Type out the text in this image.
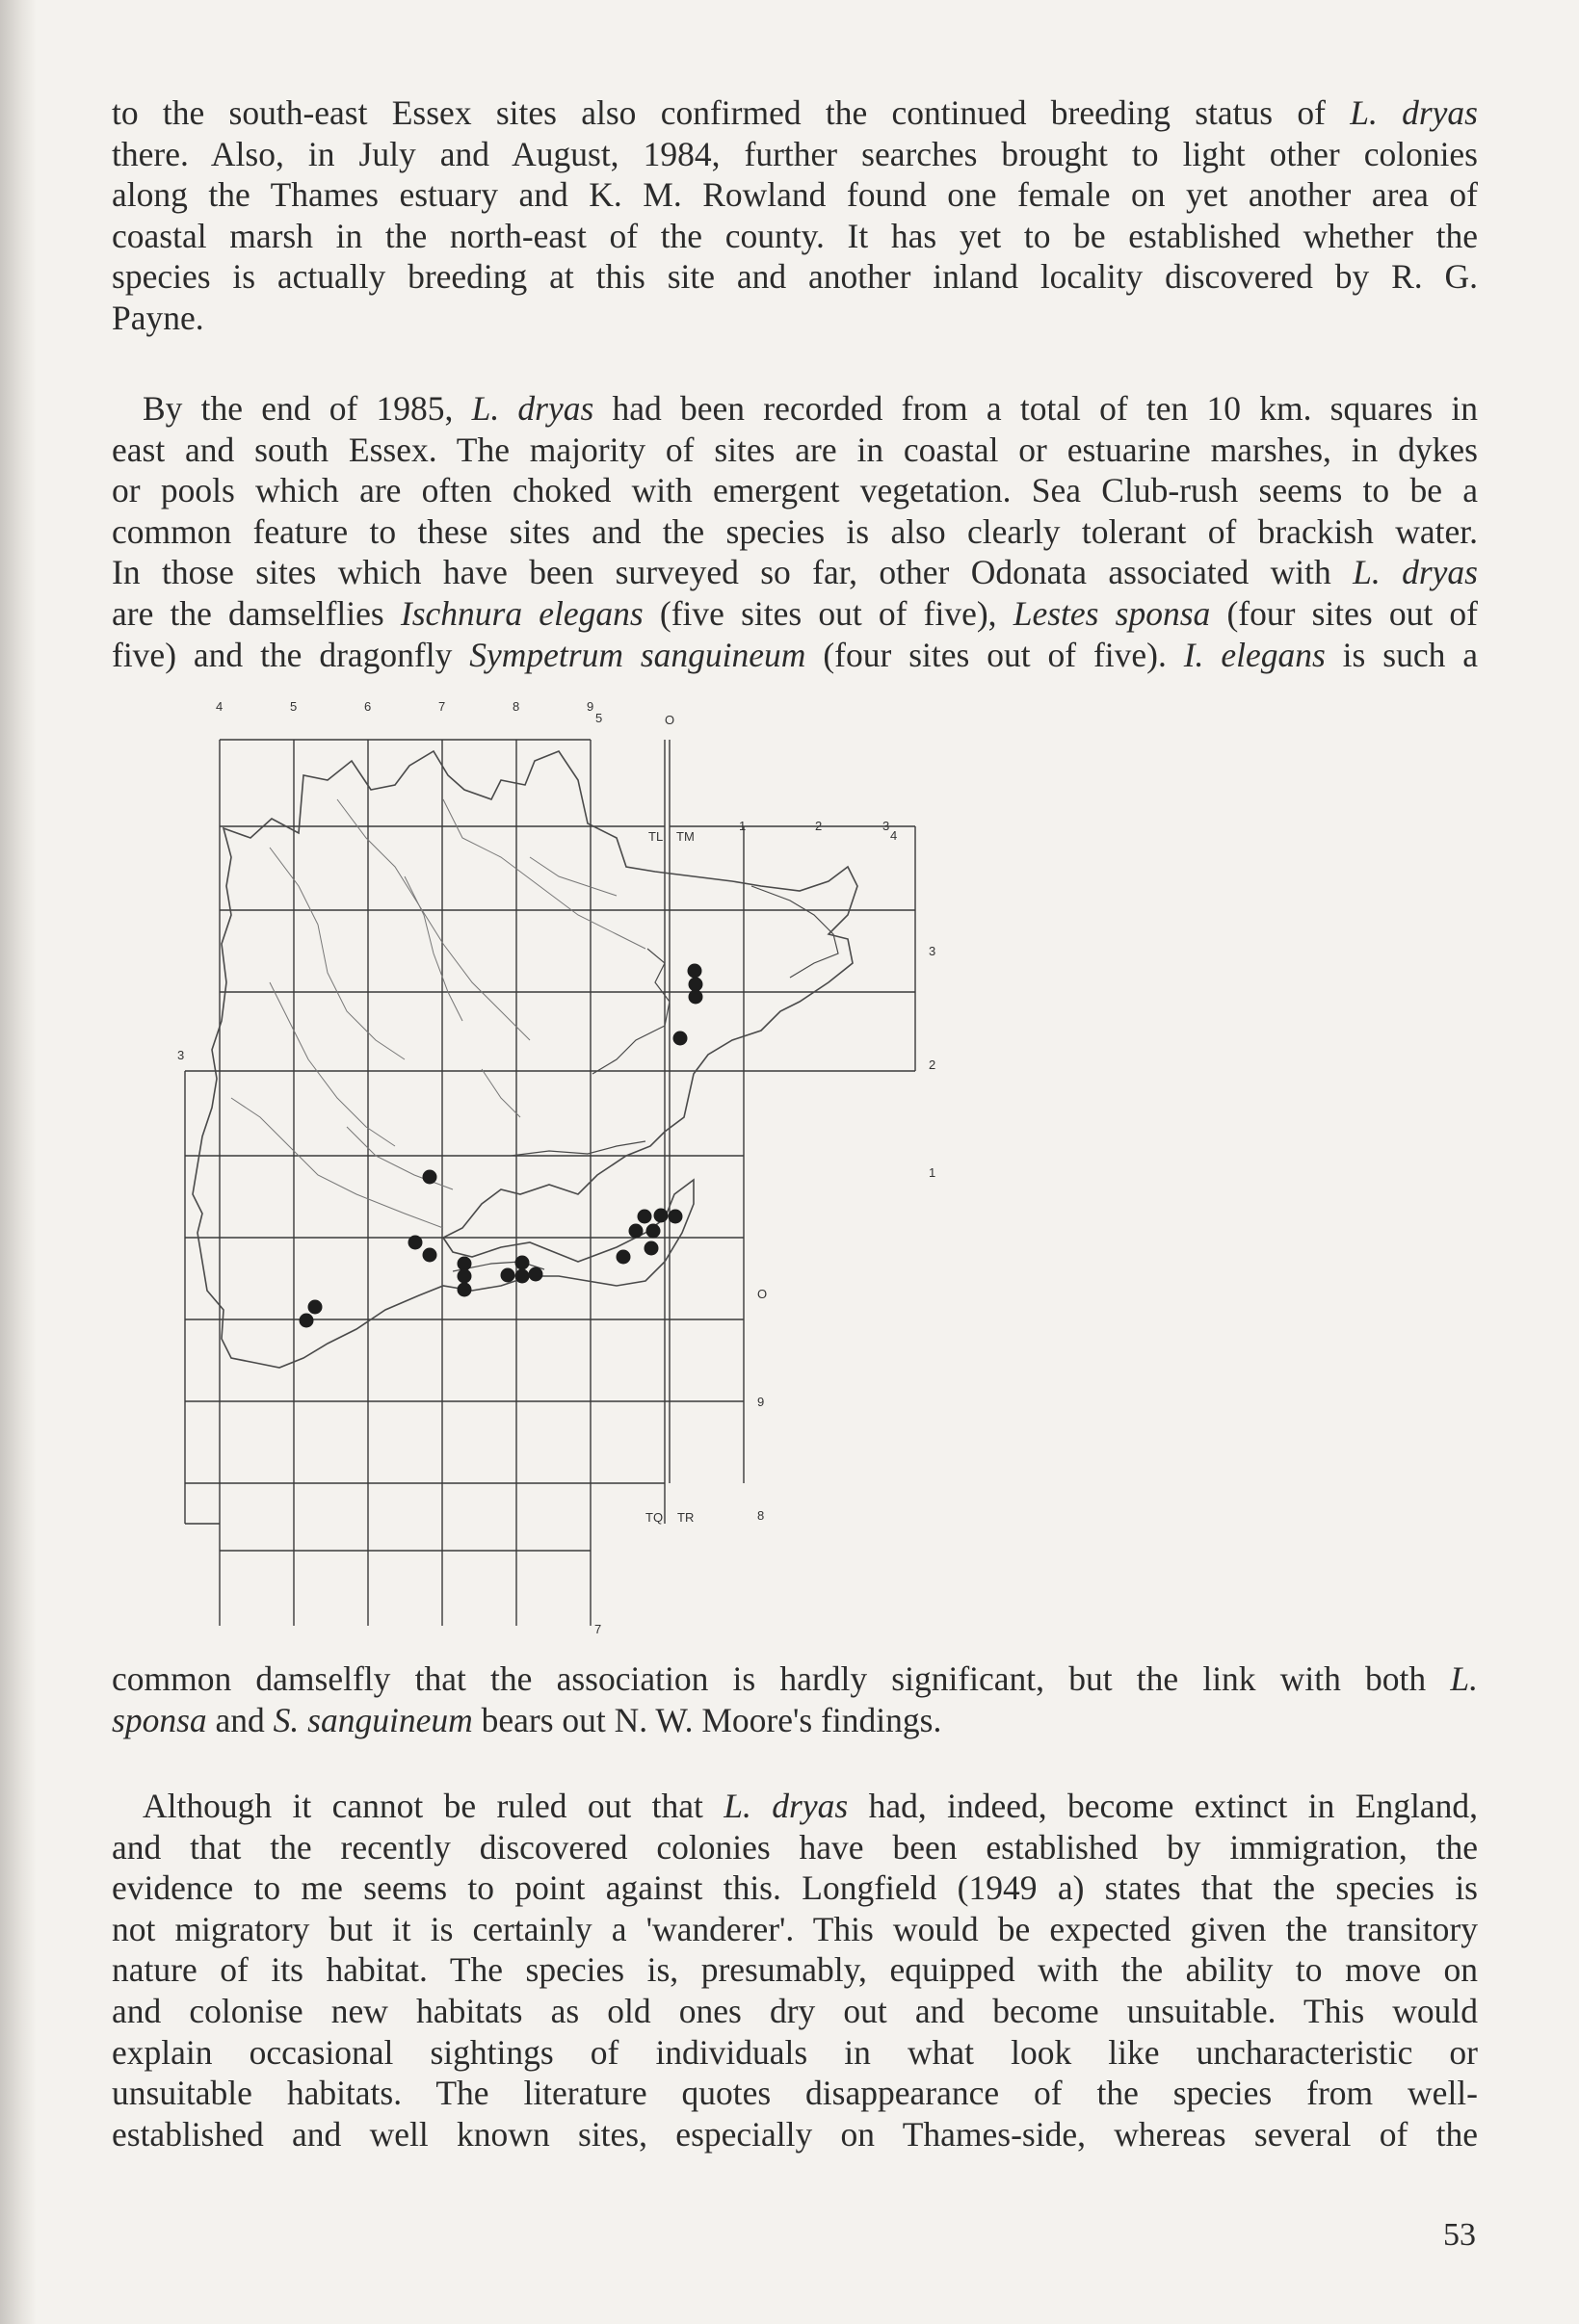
to the south-east Essex sites also confirmed the continued breeding status of L. dryas
there. Also, in July and August, 1984, further searches brought to light other colonies
along the Thames estuary and K. M. Rowland found one female on yet another area of
coastal marsh in the north-east of the county. It has yet to be established whether the
species is actually breeding at this site and another inland locality discovered by R. G.
Payne.
By the end of 1985, L. dryas had been recorded from a total of ten 10 km. squares in
east and south Essex. The majority of sites are in coastal or estuarine marshes, in dykes
or pools which are often choked with emergent vegetation. Sea Club-rush seems to be a
common feature to these sites and the species is also clearly tolerant of brackish water.
In those sites which have been surveyed so far, other Odonata associated with L. dryas
are the damselflies Ischnura elegans (five sites out of five), Lestes sponsa (four sites out of
five) and the dragonfly Sympetrum sanguineum (four sites out of five). I. elegans is such a
4	5	6	7	8	9
5	O
TL TM
1	2	3
4
3
2
1
3
O
9
8
TQ TR
7
common damselfly that the association is hardly significant, but the link with both L.
sponsa and S. sanguineum bears out N. W. Moore's findings.
Although it cannot be ruled out that L. dryas had, indeed, become extinct in England,
and that the recently discovered colonies have been established by immigration, the
evidence to me seems to point against this. Longfield (1949 a) states that the species is
not migratory but it is certainly a 'wanderer'. This would be expected given the transitory
nature of its habitat. The species is, presumably, equipped with the ability to move on
and colonise new habitats as old ones dry out and become unsuitable. This would
explain occasional sightings of individuals in what look like uncharacteristic or
unsuitable habitats. The literature quotes disappearance of the species from well-
established and well known sites, especially on Thames-side, whereas several of the
53
